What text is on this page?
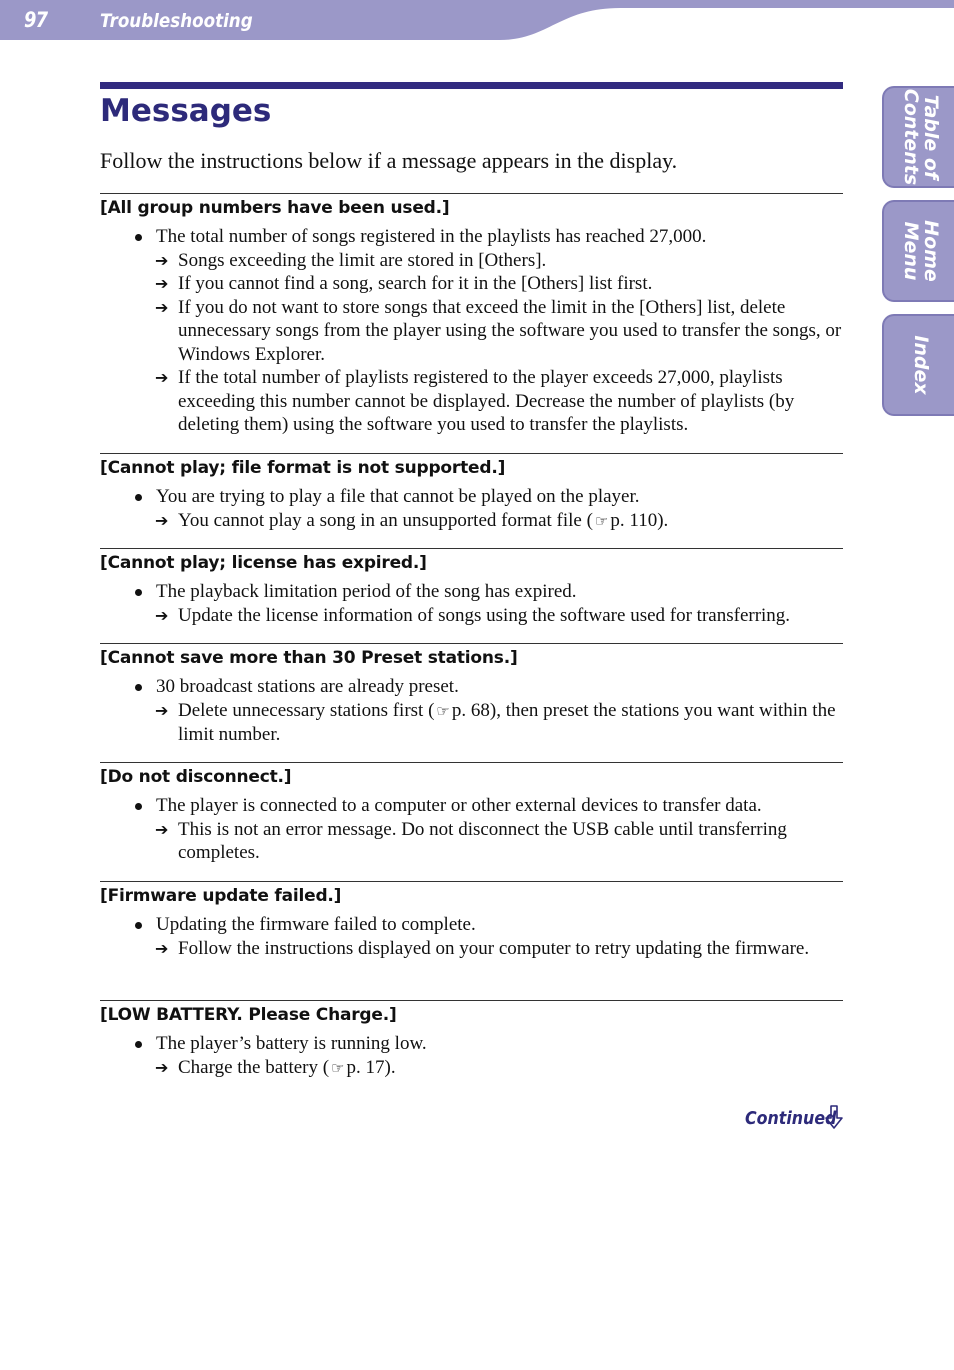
97	Troubleshooting
Table of
Contents
Home
Menu
Index
Messages
Follow the instructions below if a message appears in the display.
[All group numbers have been used.]
The total number of songs registered in the playlists has reached 27,000.
➔ Songs exceeding the limit are stored in [Others].
➔ If you cannot find a song, search for it in the [Others] list first.
➔ If you do not want to store songs that exceed the limit in the [Others] list, delete unnecessary songs from the player using the software you used to transfer the songs, or Windows Explorer.
➔ If the total number of playlists registered to the player exceeds 27,000, playlists exceeding this number cannot be displayed. Decrease the number of playlists (by deleting them) using the software you used to transfer the playlists.
[Cannot play; file format is not supported.]
You are trying to play a file that cannot be played on the player.
➔ You cannot play a song in an unsupported format file ( ☞ p. 110).
[Cannot play; license has expired.]
The playback limitation period of the song has expired.
➔ Update the license information of songs using the software used for transferring.
[Cannot save more than 30 Preset stations.]
30 broadcast stations are already preset.
➔ Delete unnecessary stations first ( ☞ p. 68), then preset the stations you want within the limit number.
[Do not disconnect.]
The player is connected to a computer or other external devices to transfer data.
➔ This is not an error message. Do not disconnect the USB cable until transferring completes.
[Firmware update failed.]
Updating the firmware failed to complete.
➔ Follow the instructions displayed on your computer to retry updating the firmware.
[LOW BATTERY. Please Charge.]
The player’s battery is running low.
➔ Charge the battery ( ☞ p. 17).
Continued
